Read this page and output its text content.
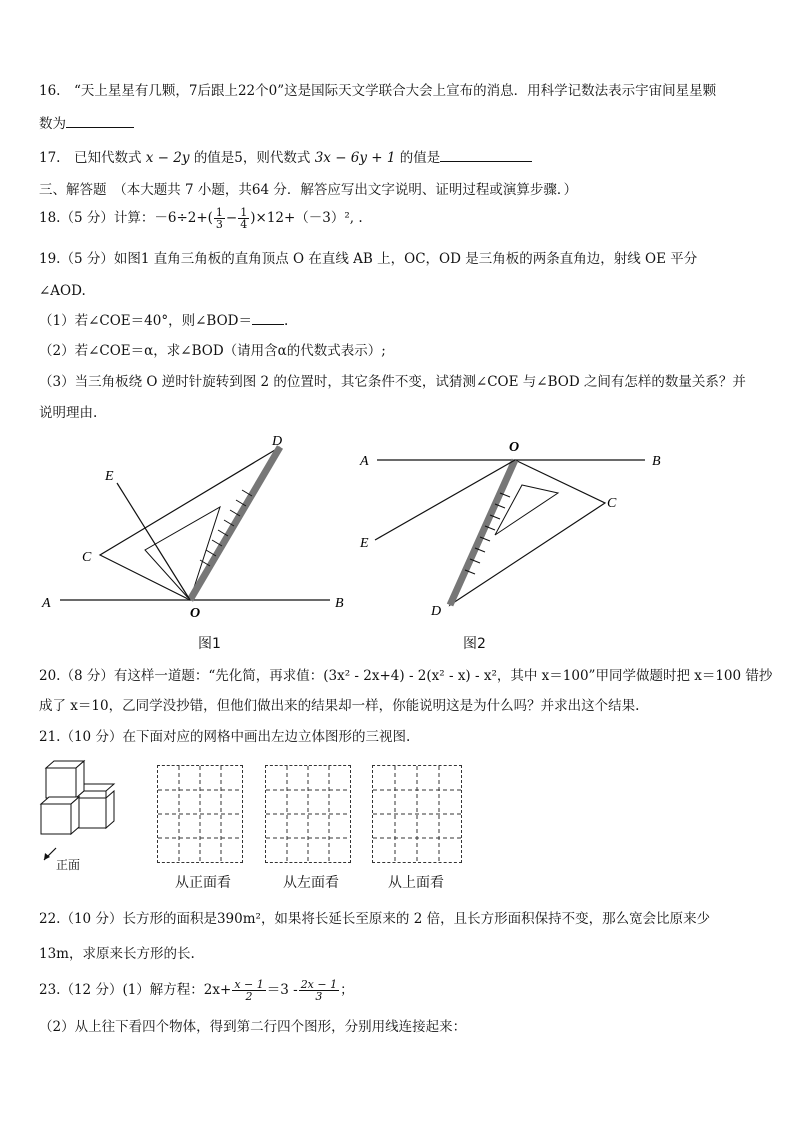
16.　“天上星星有几颗，7后跟上22个0”这是国际天文学联合大会上宣布的消息．用科学记数法表示宇宙间星星颗
数为
17.　已知代数式 x − 2y 的值是5，则代数式 3x − 6y + 1 的值是
三、解答题　（本大题共 7 小题，共64 分．解答应写出文字说明、证明过程或演算步骤．）
18.（5 分）计算：$-6\div 2+( \frac{1}{3} - \frac{1}{4} )\times 12+(-3)^2$, .
19.（5 分）如图1 直角三角板的直角顶点 O 在直线 AB 上，OC，OD 是三角板的两条直角边，射线 OE 平分
∠AOD.
（1）若∠COE＝40°，则∠BOD＝ .
（2）若∠COE＝α，求∠BOD（请用含α的代数式表示）;
（3）当三角板绕 O 逆时针旋转到图 2 的位置时，其它条件不变，试猜测∠COE 与∠BOD 之间有怎样的数量关系？并
说明理由.
A	B
C
D
E
O
图1
A	B
C
D
E
O
图2
20.（8 分）有这样一道题：“先化简，再求值：(3x² - 2x+4) - 2(x² - x) - x²，其中 x＝100”甲同学做题时把 x＝100 错抄
成了 x＝10，乙同学没抄错，但他们做出来的结果却一样，你能说明这是为什么吗？并求出这个结果.
21.（10 分）在下面对应的网格中画出左边立体图形的三视图.
正面
从正面看	从左面看	从上面看
22.（10 分）长方形的面积是390m²，如果将长延长至原来的 2 倍，且长方形面积保持不变，那么宽会比原来少
13m，求原来长方形的长.
23.（12 分）(1）解方程：$2x+ \frac{x - 1}{2} =3 - \frac{2x - 1}{3}$ ；
（2）从上往下看四个物体，得到第二行四个图形，分别用线连接起来：
